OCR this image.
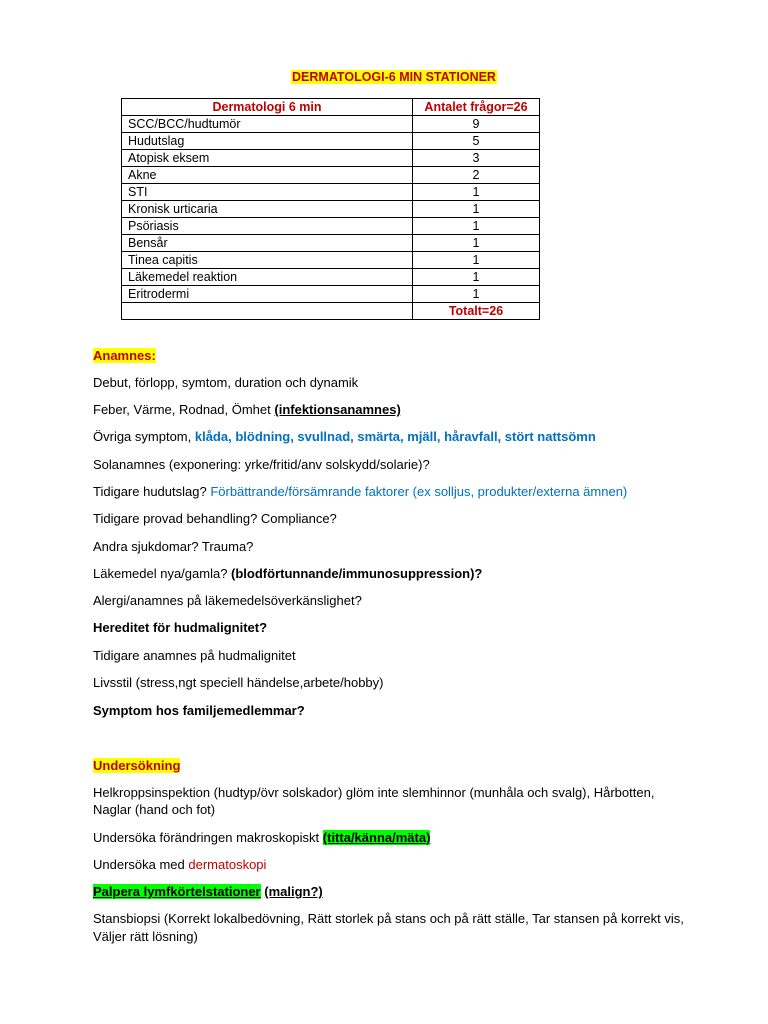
DERMATOLOGI-6 MIN STATIONER
Dermatologi 6 min	Antalet frågor=26
SCC/BCC/hudtumör	9
Hudutslag	5
Atopisk eksem	3
Akne	2
STI	1
Kronisk urticaria	1
Psöriasis	1
Bensår	1
Tinea capitis	1
Läkemedel reaktion	1
Eritrodermi	1
	Totalt=26
Anamnes:
Debut, förlopp, symtom, duration och dynamik
Feber, Värme, Rodnad, Ömhet (infektionsanamnes)
Övriga symptom, klåda, blödning, svullnad, smärta, mjäll, håravfall, stört nattsömn
Solanamnes (exponering: yrke/fritid/anv solskydd/solarie)?
Tidigare hudutslag? Förbättrande/försämrande faktorer (ex solljus, produkter/externa ämnen)
Tidigare provad behandling? Compliance?
Andra sjukdomar? Trauma?
Läkemedel nya/gamla? (blodförtunnande/immunosuppression)?
Alergi/anamnes på läkemedelsöverkänslighet?
Hereditet för hudmalignitet?
Tidigare anamnes på hudmalignitet
Livsstil (stress,ngt speciell händelse,arbete/hobby)
Symptom hos familjemedlemmar?
Undersökning
Helkroppsinspektion (hudtyp/övr solskador) glöm inte slemhinnor (munhåla och svalg), Hårbotten,
Naglar (hand och fot)
Undersöka förändringen makroskopiskt (titta/känna/mäta)
Undersöka med dermatoskopi
Palpera lymfkörtelstationer (malign?)
Stansbiopsi (Korrekt lokalbedövning, Rätt storlek på stans och på rätt ställe, Tar stansen på korrekt vis,
Väljer rätt lösning)
